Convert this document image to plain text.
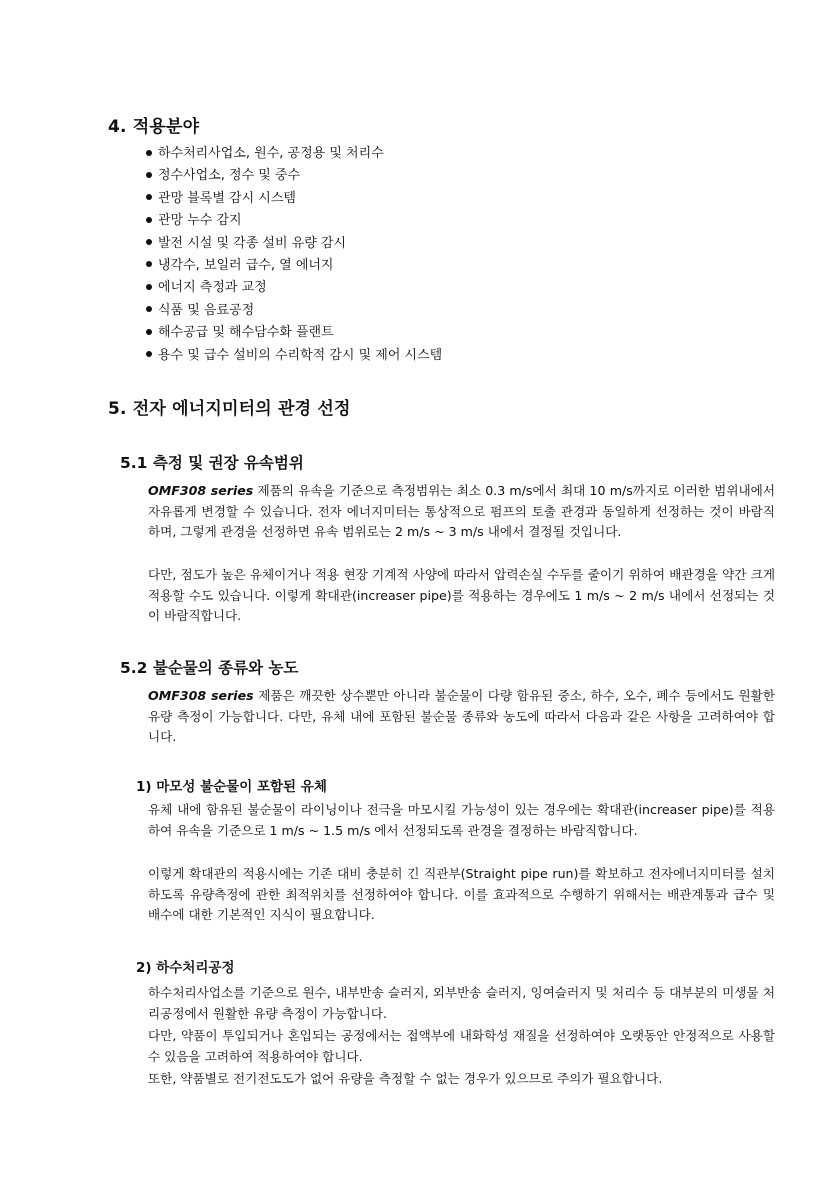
4. 적용분야
하수처리사업소, 원수, 공정용 및 처리수
정수사업소, 정수 및 중수
관망 블록별 감시 시스템
관망 누수 감지
발전 시설 및 각종 설비 유량 감시
냉각수, 보일러 급수, 열 에너지
에너지 측정과 교정
식품 및 음료공정
해수공급 및 해수담수화 플랜트
용수 및 급수 설비의 수리학적 감시 및 제어 시스템
5. 전자 에너지미터의 관경 선정
5.1 측정 및 권장 유속범위

OMF308 series 제품의 유속을 기준으로 측정범위는 최소 0.3 m/s에서 최대 10 m/s까지로 이러한 범위내에서 자유롭게 변경할 수 있습니다. 전자 에너지미터는 통상적으로 펌프의 토출 관경과 동일하게 선정하는 것이 바람직하며, 그렇게 관경을 선정하면 유속 범위로는 2 m/s ~ 3 m/s 내에서 결정될 것입니다.

다만, 점도가 높은 유체이거나 적용 현장 기계적 사양에 따라서 압력손실 수두를 줄이기 위하여 배관경을 약간 크게 적용할 수도 있습니다. 이렇게 확대관(increaser pipe)를 적용하는 경우에도 1 m/s ~ 2 m/s 내에서 선정되는 것이 바람직합니다.

5.2 불순물의 종류와 농도

OMF308 series 제품은 깨끗한 상수뿐만 아니라 불순물이 다량 함유된 중소, 하수, 오수, 폐수 등에서도 원활한 유량 측정이 가능합니다. 다만, 유체 내에 포함된 불순물 종류와 농도에 따라서 다음과 같은 사항을 고려하여야 합니다.

1) 마모성 불순물이 포함된 유체

유체 내에 함유된 불순물이 라이닝이나 전극을 마모시킬 가능성이 있는 경우에는 확대관(increaser pipe)를 적용하여 유속을 기준으로 1 m/s ~ 1.5 m/s 에서 선정되도록 관경을 결정하는 바람직합니다.

이렇게 확대관의 적용시에는 기존 대비 충분히 긴 직관부(Straight pipe run)를 확보하고 전자에너지미터를 설치하도록 유량측정에 관한 최적위치를 선정하여야 합니다. 이를 효과적으로 수행하기 위해서는 배관계통과 급수 및 배수에 대한 기본적인 지식이 필요합니다.

2) 하수처리공정

하수처리사업소를 기준으로 원수, 내부반송 슬러지, 외부반송 슬러지, 잉여슬러지 및 처리수 등 대부분의 미생물 처리공정에서 원활한 유량 측정이 가능합니다.

다만, 약품이 투입되거나 혼입되는 공정에서는 접액부에 내화학성 재질을 선정하여야 오랫동안 안정적으로 사용할 수 있음을 고려하여 적용하여야 합니다.

또한, 약품별로 전기전도도가 없어 유량을 측정할 수 없는 경우가 있으므로 주의가 필요합니다.
